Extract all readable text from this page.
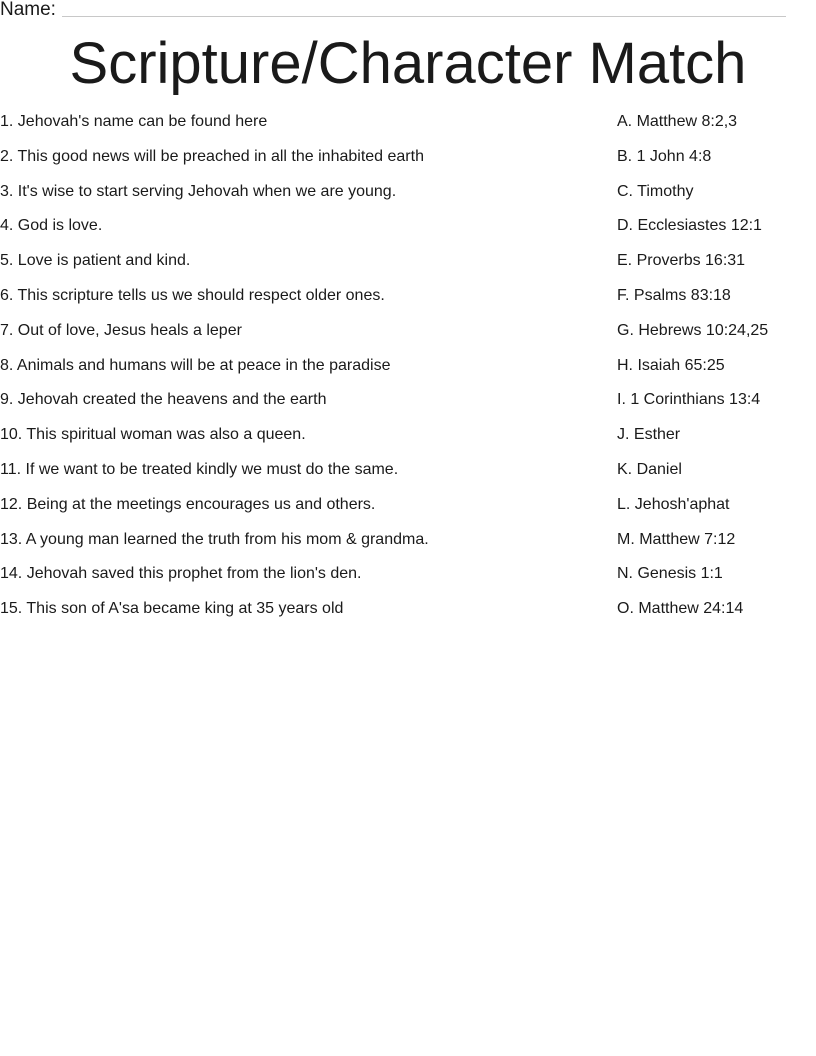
Name:
Scripture/Character Match
1. Jehovah's name can be found here
2. This good news will be preached in all the inhabited earth
3. It's wise to start serving Jehovah when we are young.
4. God is love.
5. Love is patient and kind.
6. This scripture tells us we should respect older ones.
7. Out of love, Jesus heals a leper
8. Animals and humans will be at peace in the paradise
9. Jehovah created the heavens and the earth
10. This spiritual woman was also a queen.
11. If we want to be treated kindly we must do the same.
12. Being at the meetings encourages us and others.
13. A young man learned the truth from his mom & grandma.
14. Jehovah saved this prophet from the lion's den.
15. This son of A'sa became king at 35 years old
A. Matthew 8:2,3
B. 1 John 4:8
C. Timothy
D. Ecclesiastes 12:1
E. Proverbs 16:31
F. Psalms 83:18
G. Hebrews 10:24,25
H. Isaiah 65:25
I. 1 Corinthians 13:4
J. Esther
K. Daniel
L. Jehosh'aphat
M. Matthew 7:12
N. Genesis 1:1
O. Matthew 24:14
